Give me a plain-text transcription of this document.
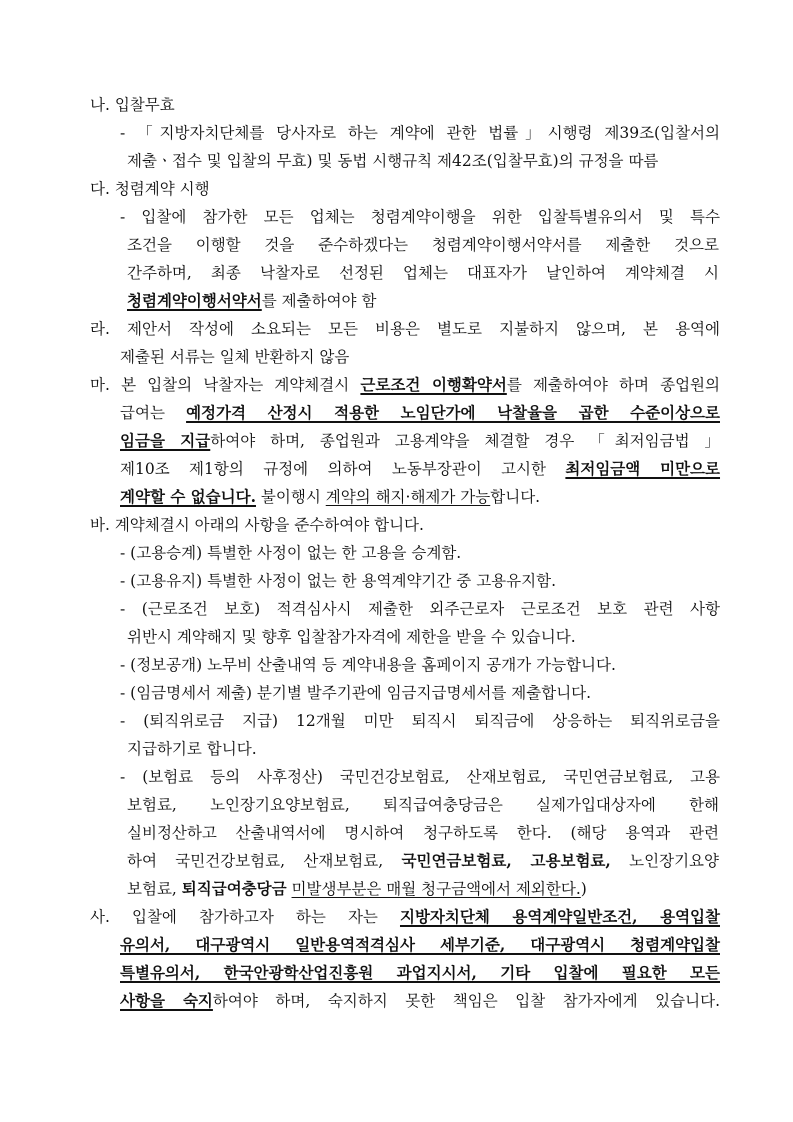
나. 입찰무효
- 「지방자치단체를 당사자로 하는 계약에 관한 법률」시행령 제39조(입찰서의
제출ㆍ접수 및 입찰의 무효) 및 동법 시행규칙 제42조(입찰무효)의 규정을 따름
다. 청렴계약 시행
- 입찰에 참가한 모든 업체는 청렴계약이행을 위한 입찰특별유의서 및 특수
조건을 이행할 것을 준수하겠다는 청렴계약이행서약서를 제출한 것으로
간주하며, 최종 낙찰자로 선정된 업체는 대표자가 날인하여 계약체결 시
청렴계약이행서약서를 제출하여야 함
라. 제안서 작성에 소요되는 모든 비용은 별도로 지불하지 않으며, 본 용역에
제출된 서류는 일체 반환하지 않음
마. 본 입찰의 낙찰자는 계약체결시 근로조건 이행확약서를 제출하여야 하며 종업원의
급여는 예정가격 산정시 적용한 노임단가에 낙찰율을 곱한 수준이상으로
임금을 지급하여야 하며, 종업원과 고용계약을 체결할 경우 「최저임금법 」
제10조 제1항의 규정에 의하여 노동부장관이 고시한 최저임금액 미만으로
계약할 수 없습니다. 불이행시 계약의 해지·해제가 가능합니다.
바. 계약체결시 아래의 사항을 준수하여야 합니다.
- (고용승계) 특별한 사정이 없는 한 고용을 승계함.
- (고용유지) 특별한 사정이 없는 한 용역계약기간 중 고용유지함.
- (근로조건 보호) 적격심사시 제출한 외주근로자 근로조건 보호 관련 사항
위반시 계약해지 및 향후 입찰참가자격에 제한을 받을 수 있습니다.
- (정보공개) 노무비 산출내역 등 계약내용을 홈페이지 공개가 가능합니다.
- (임금명세서 제출) 분기별 발주기관에 임금지급명세서를 제출합니다.
- (퇴직위로금 지급) 12개월 미만 퇴직시 퇴직금에 상응하는 퇴직위로금을
지급하기로 합니다.
- (보험료 등의 사후정산) 국민건강보험료, 산재보험료, 국민연금보험료, 고용
보험료, 노인장기요양보험료, 퇴직급여충당금은 실제가입대상자에 한해
실비정산하고 산출내역서에 명시하여 청구하도록 한다. (해당 용역과 관련
하여 국민건강보험료, 산재보험료, 국민연금보험료, 고용보험료, 노인장기요양
보험료, 퇴직급여충당금 미발생부분은 매월 청구금액에서 제외한다.)
사. 입찰에 참가하고자 하는 자는 지방자치단체 용역계약일반조건, 용역입찰
유의서, 대구광역시 일반용역적격심사 세부기준, 대구광역시 청렴계약입찰
특별유의서, 한국안광학산업진흥원 과업지시서, 기타 입찰에 필요한 모든
사항을 숙지하여야 하며, 숙지하지 못한 책임은 입찰 참가자에게 있습니다.
